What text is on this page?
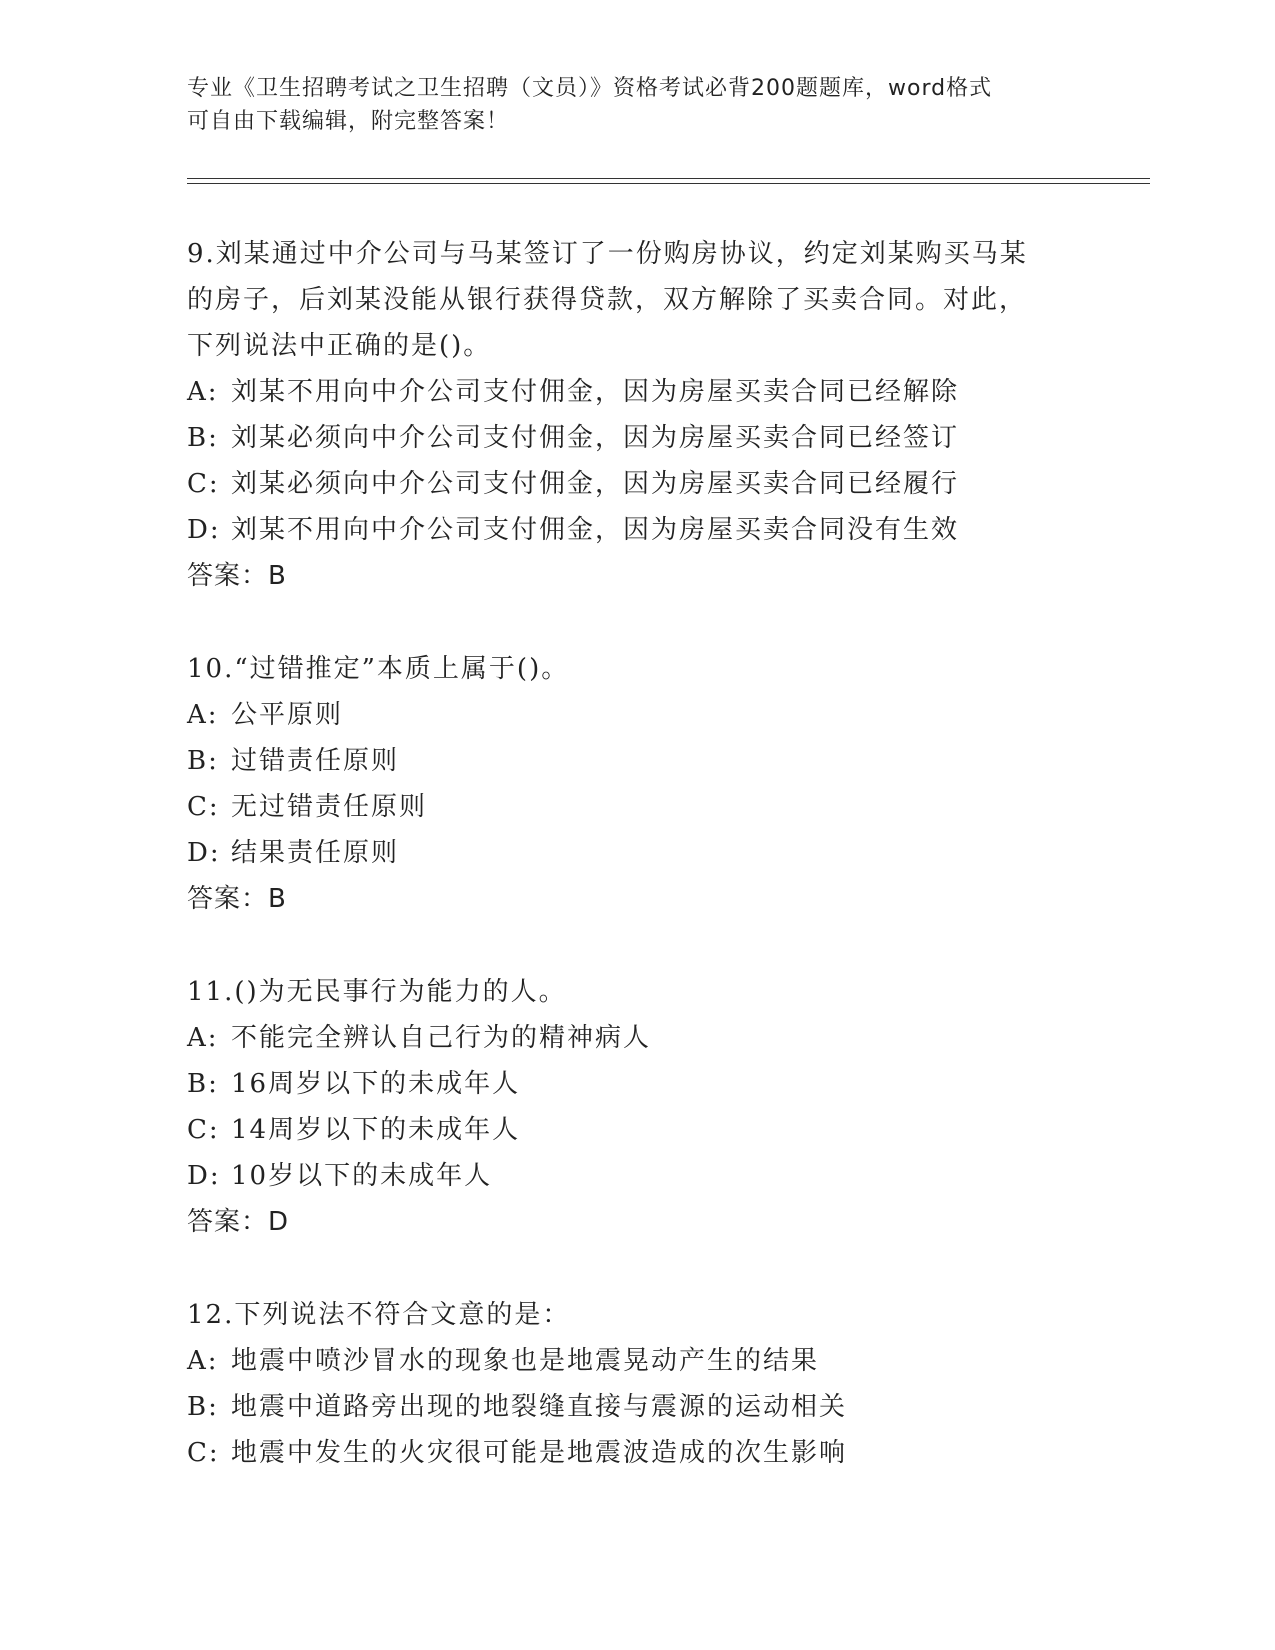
专业《卫生招聘考试之卫生招聘（文员）》资格考试必背200题题库，word格式
可自由下载编辑，附完整答案！
9.刘某通过中介公司与马某签订了一份购房协议，约定刘某购买马某
的房子，后刘某没能从银行获得贷款，双方解除了买卖合同。对此，
下列说法中正确的是()。
A: 刘某不用向中介公司支付佣金，因为房屋买卖合同已经解除
B: 刘某必须向中介公司支付佣金，因为房屋买卖合同已经签订
C: 刘某必须向中介公司支付佣金，因为房屋买卖合同已经履行
D: 刘某不用向中介公司支付佣金，因为房屋买卖合同没有生效
答案：B
10.“过错推定”本质上属于()。
A: 公平原则
B: 过错责任原则
C: 无过错责任原则
D: 结果责任原则
答案：B
11.()为无民事行为能力的人。
A: 不能完全辨认自己行为的精神病人
B: 16周岁以下的未成年人
C: 14周岁以下的未成年人
D: 10岁以下的未成年人
答案：D
12.下列说法不符合文意的是：
A: 地震中喷沙冒水的现象也是地震晃动产生的结果
B: 地震中道路旁出现的地裂缝直接与震源的运动相关
C: 地震中发生的火灾很可能是地震波造成的次生影响
